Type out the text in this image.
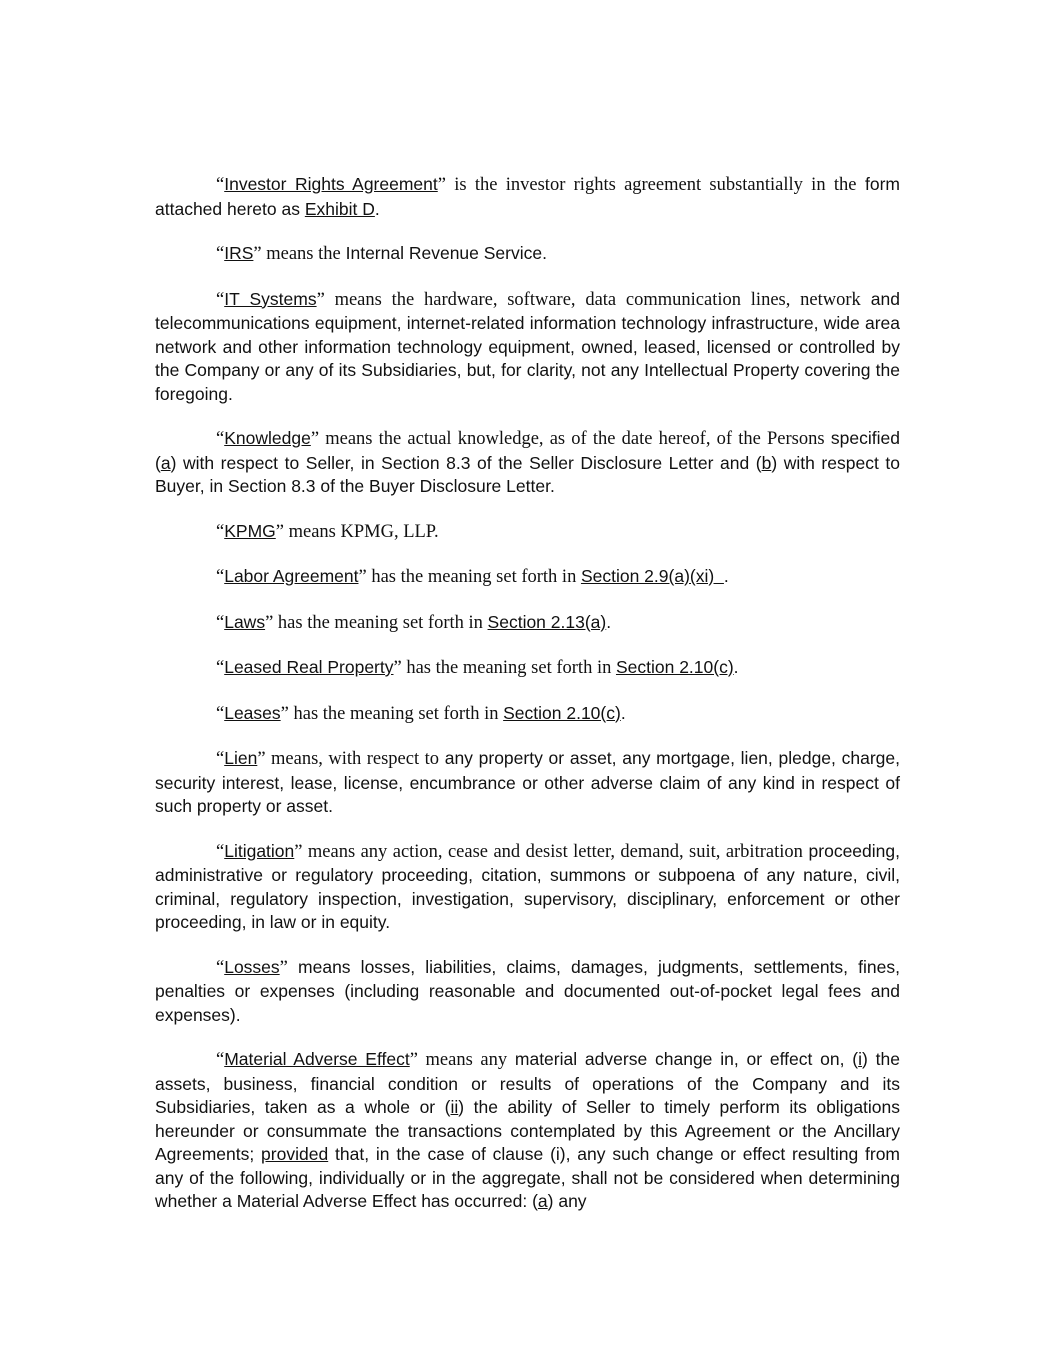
“Investor Rights Agreement” is the investor rights agreement substantially in the form attached hereto as Exhibit D.

“IRS” means the Internal Revenue Service.

“IT Systems” means the hardware, software, data communication lines, network and telecommunications equipment, internet-related information technology infrastructure, wide area network and other information technology equipment, owned, leased, licensed or controlled by the Company or any of its Subsidiaries, but, for clarity, not any Intellectual Property covering the foregoing.

“Knowledge” means the actual knowledge, as of the date hereof, of the Persons specified (a) with respect to Seller, in Section 8.3 of the Seller Disclosure Letter and (b) with respect to Buyer, in Section 8.3 of the Buyer Disclosure Letter.

“KPMG” means KPMG, LLP.

“Labor Agreement” has the meaning set forth in Section 2.9(a)(xi)  .

“Laws” has the meaning set forth in Section 2.13(a).

“Leased Real Property” has the meaning set forth in Section 2.10(c).

“Leases” has the meaning set forth in Section 2.10(c).

“Lien” means, with respect to any property or asset, any mortgage, lien, pledge, charge, security interest, lease, license, encumbrance or other adverse claim of any kind in respect of such property or asset.

“Litigation” means any action, cease and desist letter, demand, suit, arbitration proceeding, administrative or regulatory proceeding, citation, summons or subpoena of any nature, civil, criminal, regulatory inspection, investigation, supervisory, disciplinary, enforcement or other proceeding, in law or in equity.

“Losses” means losses, liabilities, claims, damages, judgments, settlements, fines, penalties or expenses (including reasonable and documented out-of-pocket legal fees and expenses).

“Material Adverse Effect” means any material adverse change in, or effect on, (i) the assets, business, financial condition or results of operations of the Company and its Subsidiaries, taken as a whole or (ii) the ability of Seller to timely perform its obligations hereunder or consummate the transactions contemplated by this Agreement or the Ancillary Agreements; provided that, in the case of clause (i), any such change or effect resulting from any of the following, individually or in the aggregate, shall not be considered when determining whether a Material Adverse Effect has occurred: (a) any
